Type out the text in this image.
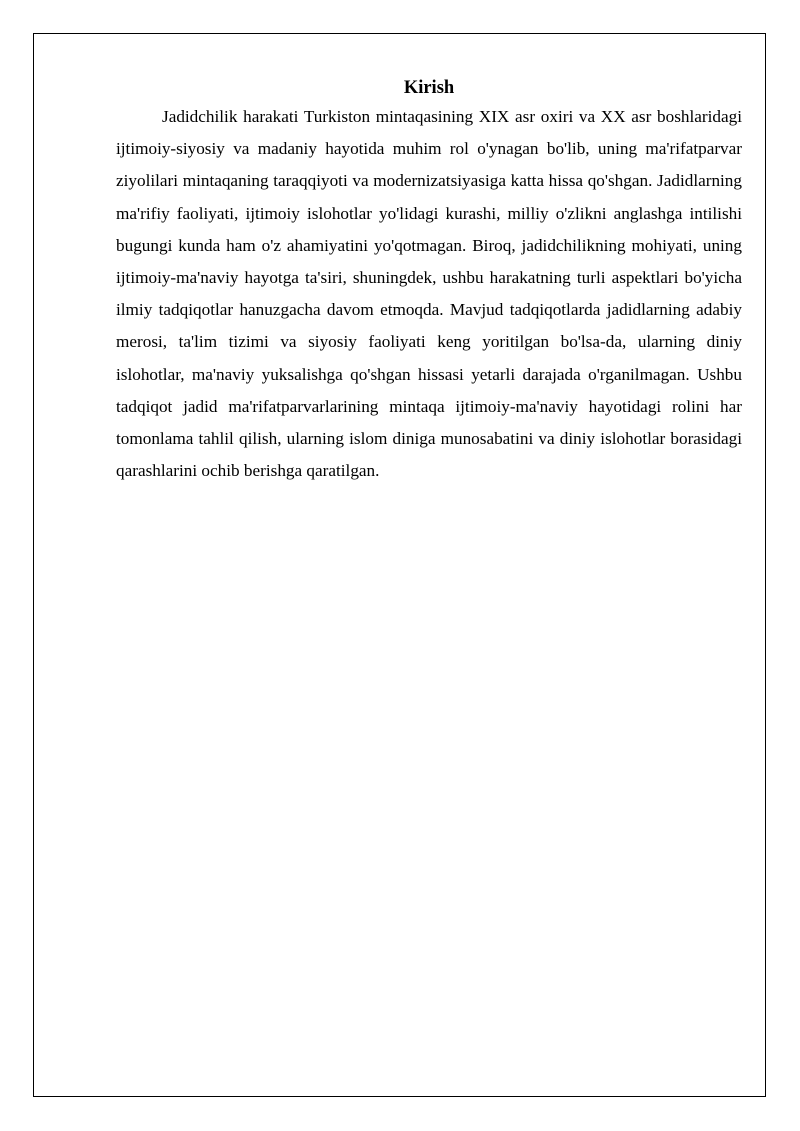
Kirish

Jadidchilik harakati Turkiston mintaqasining XIX asr oxiri va XX asr boshlaridagi ijtimoiy-siyosiy va madaniy hayotida muhim rol o'ynagan bo'lib, uning ma'rifatparvar ziyolilari mintaqaning taraqqiyoti va modernizatsiyasiga katta hissa qo'shgan. Jadidlarning ma'rifiy faoliyati, ijtimoiy islohotlar yo'lidagi kurashi, milliy o'zlikni anglashga intilishi bugungi kunda ham o'z ahamiyatini yo'qotmagan. Biroq, jadidchilikning mohiyati, uning ijtimoiy-ma'naviy hayotga ta'siri, shuningdek, ushbu harakatning turli aspektlari bo'yicha ilmiy tadqiqotlar hanuzgacha davom etmoqda. Mavjud tadqiqotlarda jadidlarning adabiy merosi, ta'lim tizimi va siyosiy faoliyati keng yoritilgan bo'lsa-da, ularning diniy islohotlar, ma'naviy yuksalishga qo'shgan hissasi yetarli darajada o'rganilmagan. Ushbu tadqiqot jadid ma'rifatparvarlarining mintaqa ijtimoiy-ma'naviy hayotidagi rolini har tomonlama tahlil qilish, ularning islom diniga munosabatini va diniy islohotlar borasidagi qarashlarini ochib berishga qaratilgan.
